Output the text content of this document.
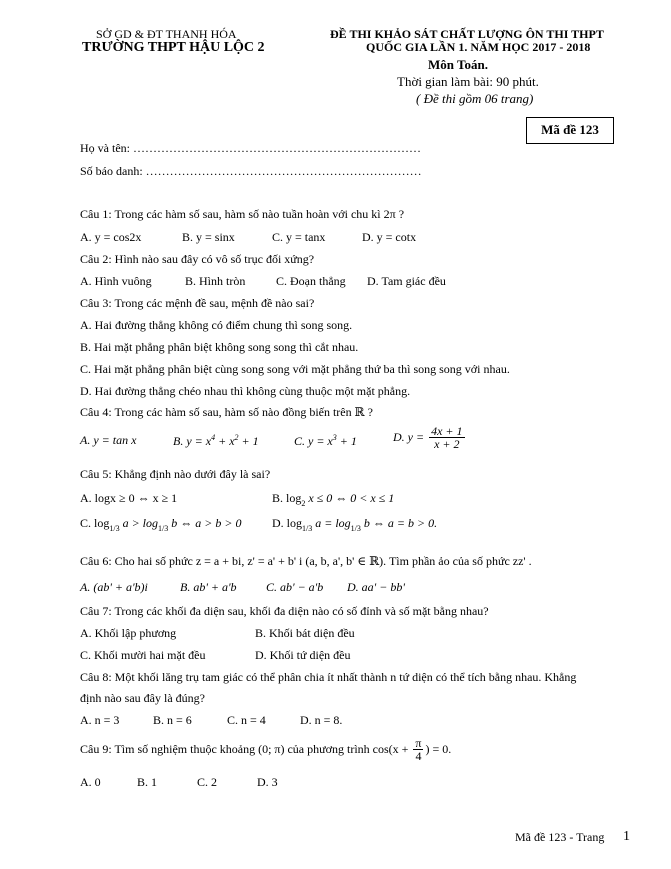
SỞ GD & ĐT THANH HÓA
TRƯỜNG THPT HẬU LỘC 2
ĐỀ THI KHẢO SÁT CHẤT LƯỢNG ÔN THI THPT
QUỐC GIA LẦN 1. NĂM HỌC 2017 - 2018
Môn Toán.
Thời gian làm bài: 90 phút.
( Đề thi gồm 06 trang)
Mã đề 123
Họ và tên: ………………………………………………………………
Số báo danh: ……………………………………………………………
Câu 1: Trong các hàm số sau, hàm số nào tuần hoàn với chu kì 2π ?
A. y = cos2x	B. y = sinx	C. y = tanx	D. y = cotx
Câu 2: Hình nào sau đây có vô số trục đối xứng?
A. Hình vuông	B. Hình tròn	C. Đoạn thẳng D. Tam giác đều
Câu 3: Trong các mệnh đề sau, mệnh đề nào sai?
A. Hai đường thẳng không có điểm chung thì song song.
B. Hai mặt phẳng phân biệt không song song thì cắt nhau.
C. Hai mặt phẳng phân biệt cùng song song với mặt phẳng thứ ba thì song song với nhau.
D. Hai đường thẳng chéo nhau thì không cùng thuộc một mặt phẳng.
Câu 4: Trong các hàm số sau, hàm số nào đồng biến trên ℝ ?
A. y = tan x	B. $y = x^4 + x^2 + 1$	C. $y = x^3 + 1$	D. $y = \frac{4x + 1}{x + 2}$
Câu 5: Khẳng định nào dưới đây là sai?
A. logx ≥ 0 ⇔ x ≥ 1	B. $\log_2 x \le 0$ ⇔ 0 < x ≤ 1
C. $\log_{1/3} a > \log_{1/3} b$ ⇔ a > b > 0	D. $\log_{1/3} a = \log_{1/3} b$ ⇔ a = b > 0.
Câu 6: Cho hai số phức z = a + bi, z' = a' + b' i (a, b, a', b' ∈ ℝ). Tìm phần ảo của số phức zz' .
A. (ab' + a'b)i	B. ab' + a'b C. ab' − a'b D. aa' − bb'
Câu 7: Trong các khối đa diện sau, khối đa diện nào có số đỉnh và số mặt bằng nhau?
A. Khối lập phương	B. Khối bát diện đều
C. Khối mười hai mặt đều	D. Khối tứ diện đều
Câu 8: Một khối lăng trụ tam giác có thể phân chia ít nhất thành n tứ diện có thể tích bằng nhau. Khẳng
định nào sau đây là đúng?
A. n = 3	B. n = 6	C. n = 4	D. n = 8.
Câu 9: Tìm số nghiệm thuộc khoảng (0; π) của phương trình $\cos(x + \frac{\pi}{4}$ ) = 0.
A. 0	B. 1	C. 2	D. 3
Mã đề 123 - Trang 1
